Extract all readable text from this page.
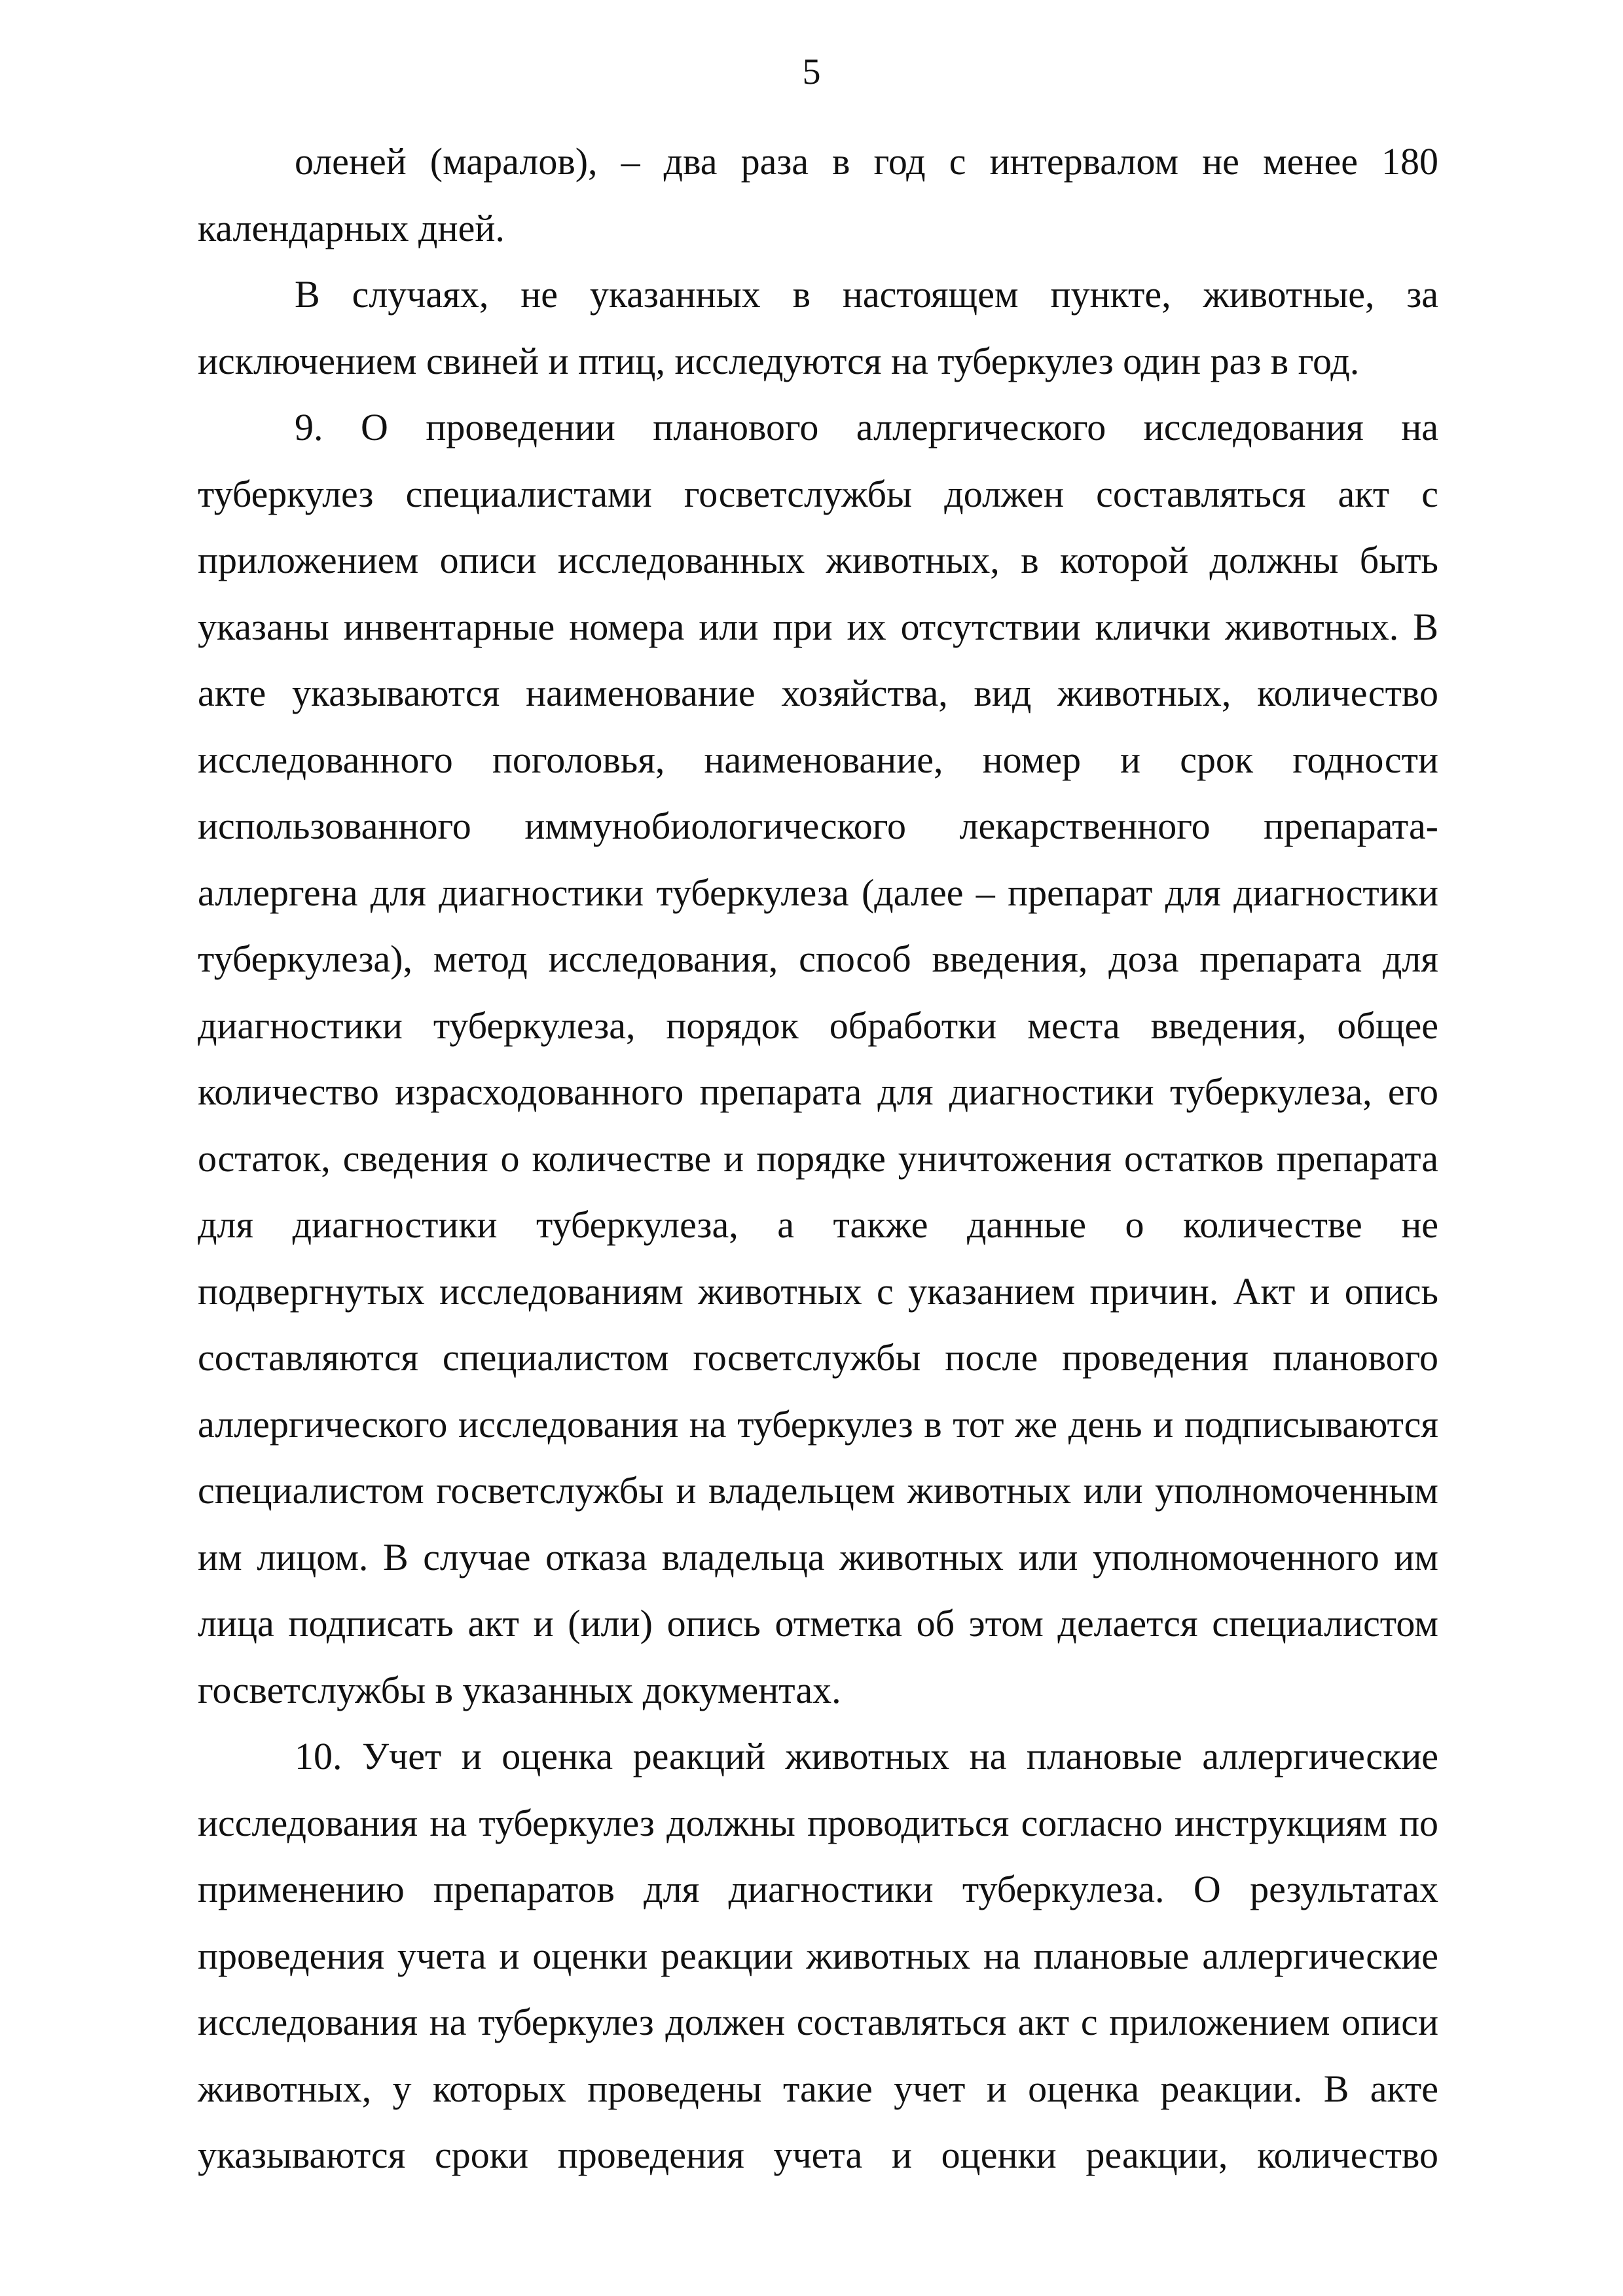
5

оленей (маралов), – два раза в год с интервалом не менее 180 календарных дней.

В случаях, не указанных в настоящем пункте, животные, за исключением свиней и птиц, исследуются на туберкулез один раз в год.

9. О проведении планового аллергического исследования на туберкулез специалистами госветслужбы должен составляться акт с приложением описи исследованных животных, в которой должны быть указаны инвентарные номера или при их отсутствии клички животных. В акте указываются наименование хозяйства, вид животных, количество исследованного поголовья, наименование, номер и срок годности использованного иммунобиологического лекарственного препарата-аллергена для диагностики туберкулеза (далее – препарат для диагностики туберкулеза), метод исследования, способ введения, доза препарата для диагностики туберкулеза, порядок обработки места введения, общее количество израсходованного препарата для диагностики туберкулеза, его остаток, сведения о количестве и порядке уничтожения остатков препарата для диагностики туберкулеза, а также данные о количестве не подвергнутых исследованиям животных с указанием причин. Акт и опись составляются специалистом госветслужбы после проведения планового аллергического исследования на туберкулез в тот же день и подписываются специалистом госветслужбы и владельцем животных или уполномоченным им лицом. В случае отказа владельца животных или уполномоченного им лица подписать акт и (или) опись отметка об этом делается специалистом госветслужбы в указанных документах.

10. Учет и оценка реакций животных на плановые аллергические исследования на туберкулез должны проводиться согласно инструкциям по применению препаратов для диагностики туберкулеза. О результатах проведения учета и оценки реакции животных на плановые аллергические исследования на туберкулез должен составляться акт с приложением описи животных, у которых проведены такие учет и оценка реакции. В акте указываются сроки проведения учета и оценки реакции, количество
